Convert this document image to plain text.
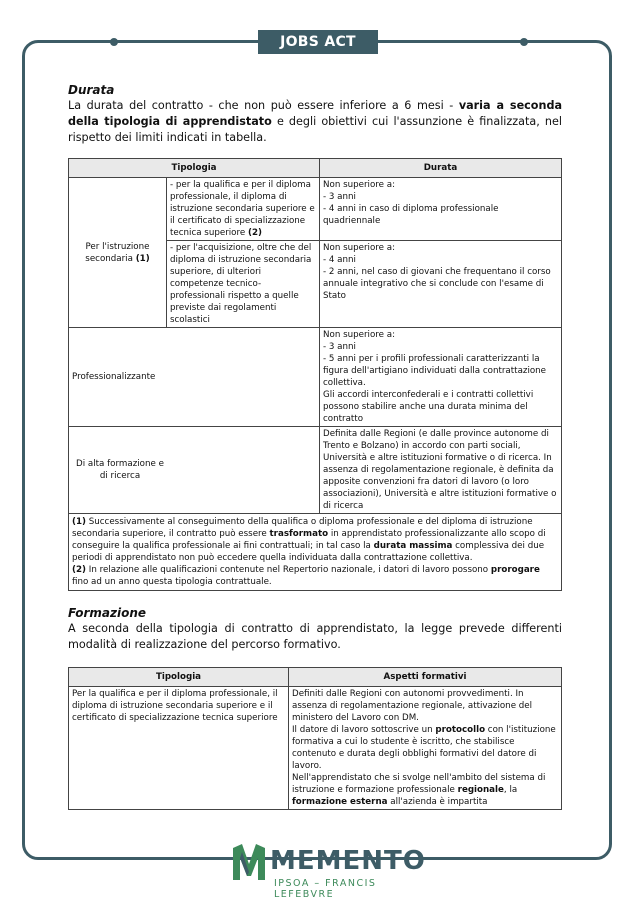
JOBS ACT

Durata

La durata del contratto - che non può essere inferiore a 6 mesi - varia a seconda della tipologia di apprendistato e degli obiettivi cui l'assunzione è finalizzata, nel rispetto dei limiti indicati in tabella.

Tipologia		Durata
Per l'istruzione secondaria (1)	- per la qualifica e per il diploma professionale, il diploma di istruzione secondaria superiore e il certificato di specializzazione tecnica superiore (2)	Non superiore a:
- 3 anni
- 4 anni in caso di diploma professionale quadriennale
	- per l'acquisizione, oltre che del diploma di istruzione secondaria superiore, di ulteriori competenze tecnico-professionali rispetto a quelle previste dai regolamenti scolastici	Non superiore a:
- 4 anni
- 2 anni, nel caso di giovani che frequentano il corso annuale integrativo che si conclude con l'esame di Stato
Professionalizzante		Non superiore a:
- 3 anni
- 5 anni per i profili professionali caratterizzanti la figura dell'artigiano individuati dalla contrattazione collettiva.
Gli accordi interconfederali e i contratti collettivi possono stabilire anche una durata minima del contratto

Di alta formazione e di ricerca		Definita dalle Regioni (e dalle province autonome di Trento e Bolzano) in accordo con parti sociali, Università e altre istituzioni formative o di ricerca. In assenza di regolamentazione regionale, è definita da apposite convenzioni fra datori di lavoro (o loro associazioni), Università e altre istituzioni formative o di ricerca
(1) Successivamente al conseguimento della qualifica o diploma professionale e del diploma di istruzione secondaria superiore, il contratto può essere trasformato in apprendistato professionalizzante allo scopo di conseguire la qualifica professionale ai fini contrattuali; in tal caso la durata massima complessiva dei due periodi di apprendistato non può eccedere quella individuata dalla contrattazione collettiva.
(2) In relazione alle qualificazioni contenute nel Repertorio nazionale, i datori di lavoro possono prorogare fino ad un anno questa tipologia contrattuale.		

Formazione

A seconda della tipologia di contratto di apprendistato, la legge prevede differenti modalità di realizzazione del percorso formativo.

Tipologia	Aspetti formativi
Per la qualifica e per il diploma professionale, il diploma di istruzione secondaria superiore e il certificato di specializzazione tecnica superiore	Definiti dalle Regioni con autonomi provvedimenti. In assenza di regolamentazione regionale, attivazione del ministero del Lavoro con DM.
Il datore di lavoro sottoscrive un protocollo con l'istituzione formativa a cui lo studente è iscritto, che stabilisce contenuto e durata degli obblighi formativi del datore di lavoro.
Nell'apprendistato che si svolge nell'ambito del sistema di istruzione e formazione professionale regionale, la formazione esterna all'azienda è impartita
MEMENTO
IPSOA – FRANCIS LEFEBVRE
